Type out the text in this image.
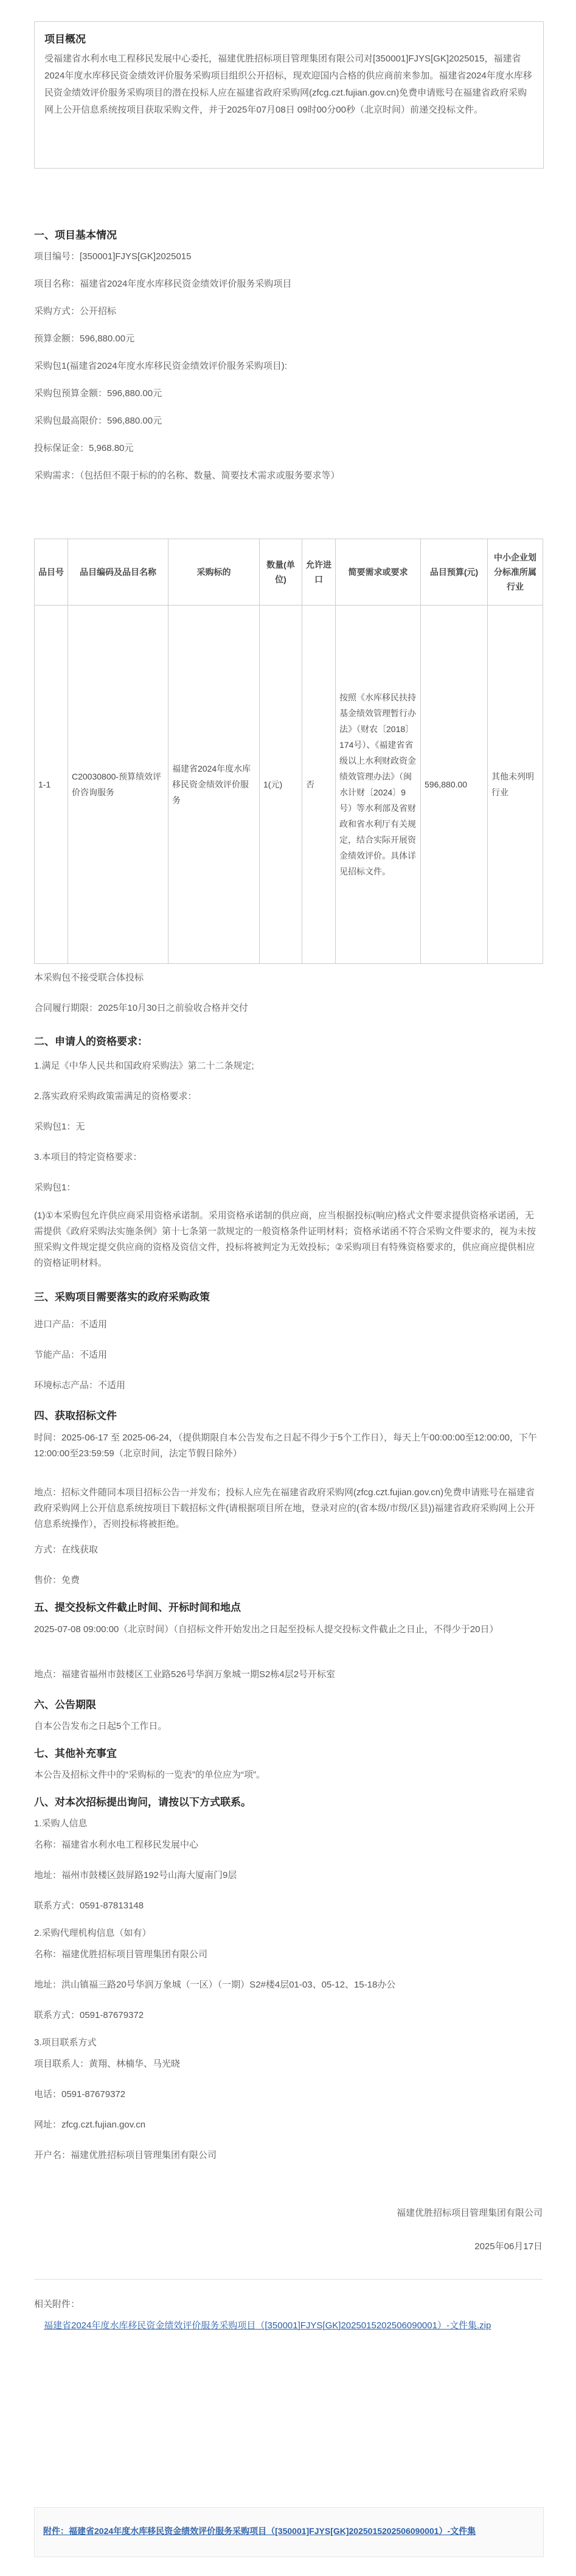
项目概况

受福建省水利水电工程移民发展中心委托，福建优胜招标项目管理集团有限公司对[350001]FJYS[GK]2025015，福建省2024年度水库移民资金绩效评价服务采购项目组织公开招标，现欢迎国内合格的供应商前来参加。福建省2024年度水库移民资金绩效评价服务采购项目的潜在投标人应在福建省政府采购网(zfcg.czt.fujian.gov.cn)免费申请账号在福建省政府采购网上公开信息系统按项目获取采购文件，并于2025年07月08日 09时00分00秒（北京时间）前递交投标文件。

一、项目基本情况
项目编号：[350001]FJYS[GK]2025015
项目名称：福建省2024年度水库移民资金绩效评价服务采购项目
采购方式：公开招标
预算金额：596,880.00元
采购包1(福建省2024年度水库移民资金绩效评价服务采购项目):
采购包预算金额：596,880.00元
采购包最高限价：596,880.00元
投标保证金：5,968.80元
采购需求：（包括但不限于标的的名称、数量、简要技术需求或服务要求等）
品目号	品目编码及品目名称	采购标的	数量(单位)	允许进口	简要需求或要求	品目预算(元)	中小企业划分标准所属行业
1-1	C20030800-预算绩效评价咨询服务	福建省2024年度水库移民资金绩效评价服务	1(元)	否	按照《水库移民扶持基金绩效管理暂行办法》（财农〔2018〕174号）、《福建省省级以上水利财政资金绩效管理办法》（闽水计财〔2024〕9号）等水利部及省财政和省水利厅有关规定，结合实际开展资金绩效评价。具体详见招标文件。	596,880.00	其他未列明行业
本采购包不接受联合体投标
合同履行期限：2025年10月30日之前验收合格并交付
二、申请人的资格要求：
1.满足《中华人民共和国政府采购法》第二十二条规定;
2.落实政府采购政策需满足的资格要求：
采购包1：无
3.本项目的特定资格要求：
采购包1：
(1)①本采购包允许供应商采用资格承诺制。采用资格承诺制的供应商，应当根据投标(响应)格式文件要求提供资格承诺函，无需提供《政府采购法实施条例》第十七条第一款规定的一般资格条件证明材料；资格承诺函不符合采购文件要求的，视为未按照采购文件规定提交供应商的资格及资信文件，投标将被判定为无效投标；②采购项目有特殊资格要求的，供应商应提供相应的资格证明材料。
三、采购项目需要落实的政府采购政策
进口产品：不适用
节能产品：不适用
环境标志产品：不适用
四、获取招标文件
时间：2025-06-17 至 2025-06-24，（提供期限自本公告发布之日起不得少于5个工作日），每天上午00:00:00至12:00:00，下午12:00:00至23:59:59（北京时间，法定节假日除外）
地点：招标文件随同本项目招标公告一并发布；投标人应先在福建省政府采购网(zfcg.czt.fujian.gov.cn)免费申请账号在福建省政府采购网上公开信息系统按项目下载招标文件(请根据项目所在地，登录对应的(省本级/市级/区县))福建省政府采购网上公开信息系统操作），否则投标将被拒绝。
方式：在线获取
售价：免费
五、提交投标文件截止时间、开标时间和地点
2025-07-08 09:00:00（北京时间）（自招标文件开始发出之日起至投标人提交投标文件截止之日止，不得少于20日）
地点：福建省福州市鼓楼区工业路526号华润万象城一期S2栋4层2号开标室
六、公告期限
自本公告发布之日起5个工作日。
七、其他补充事宜
本公告及招标文件中的“采购标的一览表”的单位应为“项”。
八、对本次招标提出询问，请按以下方式联系。
1.采购人信息
名称：福建省水利水电工程移民发展中心
地址：福州市鼓楼区鼓屏路192号山海大厦南门9层
联系方式：0591-87813148
2.采购代理机构信息（如有）
名称：福建优胜招标项目管理集团有限公司
地址：洪山镇福三路20号华润万象城（一区）（一期）S2#楼4层01-03、05-12、15-18办公
联系方式：0591-87679372
3.项目联系方式
项目联系人：黄翔、林楠华、马光晓
电话：0591-87679372
网址：zfcg.czt.fujian.gov.cn
开户名：福建优胜招标项目管理集团有限公司
福建优胜招标项目管理集团有限公司
2025年06月17日
相关附件：
福建省2024年度水库移民资金绩效评价服务采购项目（[350001]FJYS[GK]2025015202506090001）-文件集.zip
附件：福建省2024年度水库移民资金绩效评价服务采购项目（[350001]FJYS[GK]2025015202506090001）-文件集
